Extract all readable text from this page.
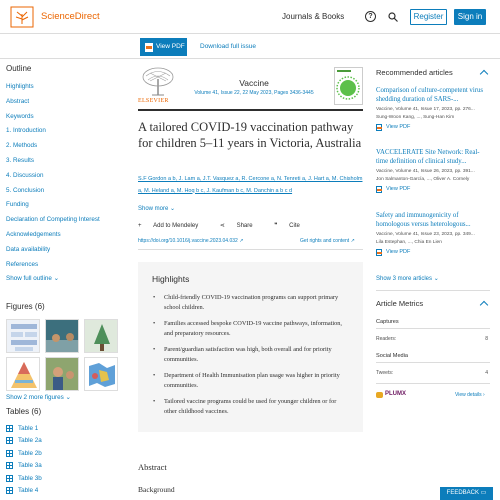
ScienceDirect	Journals & Books	?	Register	Sign in
View PDF	Download full issue
Outline
Highlights
Abstract
Keywords
1. Introduction
2. Methods
3. Results
4. Discussion
5. Conclusion
Funding
Declaration of Competing Interest
Acknowledgements
Data availability
References
Show full outline ⌄
Figures (6)
Show 2 more figures ⌄
Tables (6)
Table 1
Table 2a
Table 2b
Table 3a
Table 3b
Table 4
ELSEVIER
Vaccine
Volume 41, Issue 22, 22 May 2023, Pages 3436-3445
A tailored COVID-19 vaccination pathway for children 5–11 years in Victoria, Australia
S.F Gordon a b, J. Lam a, J.T. Vasquez a, R. Cercone a, N. Tenreti a, J. Hart a, M. Chisholm a, M. Heland a, M. Hoq b c, J. Kaufman b c, M. Danchin a b c d
Show more ⌄
+ Add to Mendeley	⋖ Share	❞ Cite
https://doi.org/10.1016/j.vaccine.2023.04.032 ↗	Get rights and content ↗
Highlights
• Child-friendly COVID-19 vaccination programs can support primary school children.
• Families accessed bespoke COVID-19 vaccine pathways, information, and preparatory resources.
• Parent/guardian satisfaction was high, both overall and for priority communities.
• Department of Health Immunisation plan usage was higher in priority communities.
• Tailored vaccine programs could be used for younger children or for other childhood vaccines.
Abstract
Background
Recommended articles
Comparison of culture-competent virus shedding duration of SARS-...
Vaccine, Volume 41, Issue 17, 2023, pp. 276...
Sung-Woon Kang, ..., Sung-Han Kim
View PDF
VACCELERATE Site Network: Real-time definition of clinical study...
Vaccine, Volume 41, Issue 26, 2023, pp. 391...
Jon Salmanton-García, ..., Oliver A. Cornely
View PDF
Safety and immunogenicity of homologous versus heterologous...
Vaccine, Volume 41, Issue 23, 2023, pp. 349...
Lila Estephan, ..., Chia En Lien
View PDF
Show 3 more articles ⌄
Article Metrics
Captures
Readers:	8
Social Media
Tweets:	4
PLUMX	View details ›
FEEDBACK ▭
